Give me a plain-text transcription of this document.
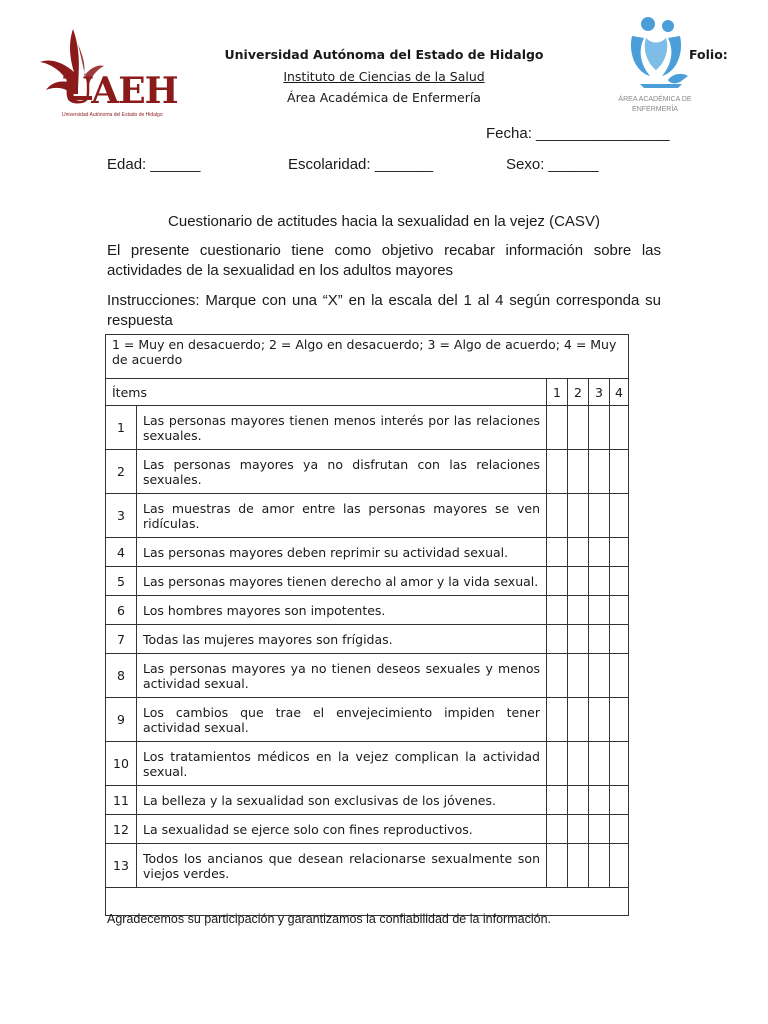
UAEH
Universidad Autónoma del Estado de Hidalgo
Universidad Autónoma del Estado de Hidalgo
Instituto de Ciencias de la Salud
Área Académica de Enfermería
Folio:
ÁREA ACADÉMICA DE
ENFERMERÍA
Fecha: ________________
Edad: ______	Escolaridad: _______	Sexo: ______
Cuestionario de actitudes hacia la sexualidad en la vejez (CASV)
El presente cuestionario tiene como objetivo recabar información sobre las actividades de la sexualidad en los adultos mayores
Instrucciones: Marque con una “X” en la escala del 1 al 4 según corresponda su respuesta
1 = Muy en desacuerdo; 2 = Algo en desacuerdo; 3 = Algo de acuerdo; 4 = Muy de acuerdo					
Ítems		1	2	3	4
1	Las personas mayores tienen menos interés por las relaciones sexuales.				
2	Las personas mayores ya no disfrutan con las relaciones sexuales.				
3	Las muestras de amor entre las personas mayores se ven ridículas.				
4	Las personas mayores deben reprimir su actividad sexual.				
5	Las personas mayores tienen derecho al amor y la vida sexual.				
6	Los hombres mayores son impotentes.				
7	Todas las mujeres mayores son frígidas.				
8	Las personas mayores ya no tienen deseos sexuales y menos actividad sexual.				
9	Los cambios que trae el envejecimiento impiden tener actividad sexual.				
10	Los tratamientos médicos en la vejez complican la actividad sexual.				
11	La belleza y la sexualidad son exclusivas de los jóvenes.				
12	La sexualidad se ejerce solo con fines reproductivos.				
13	Todos los ancianos que desean relacionarse sexualmente son viejos verdes.				

Agradecemos su participación y garantizamos la confiabilidad de la información.
